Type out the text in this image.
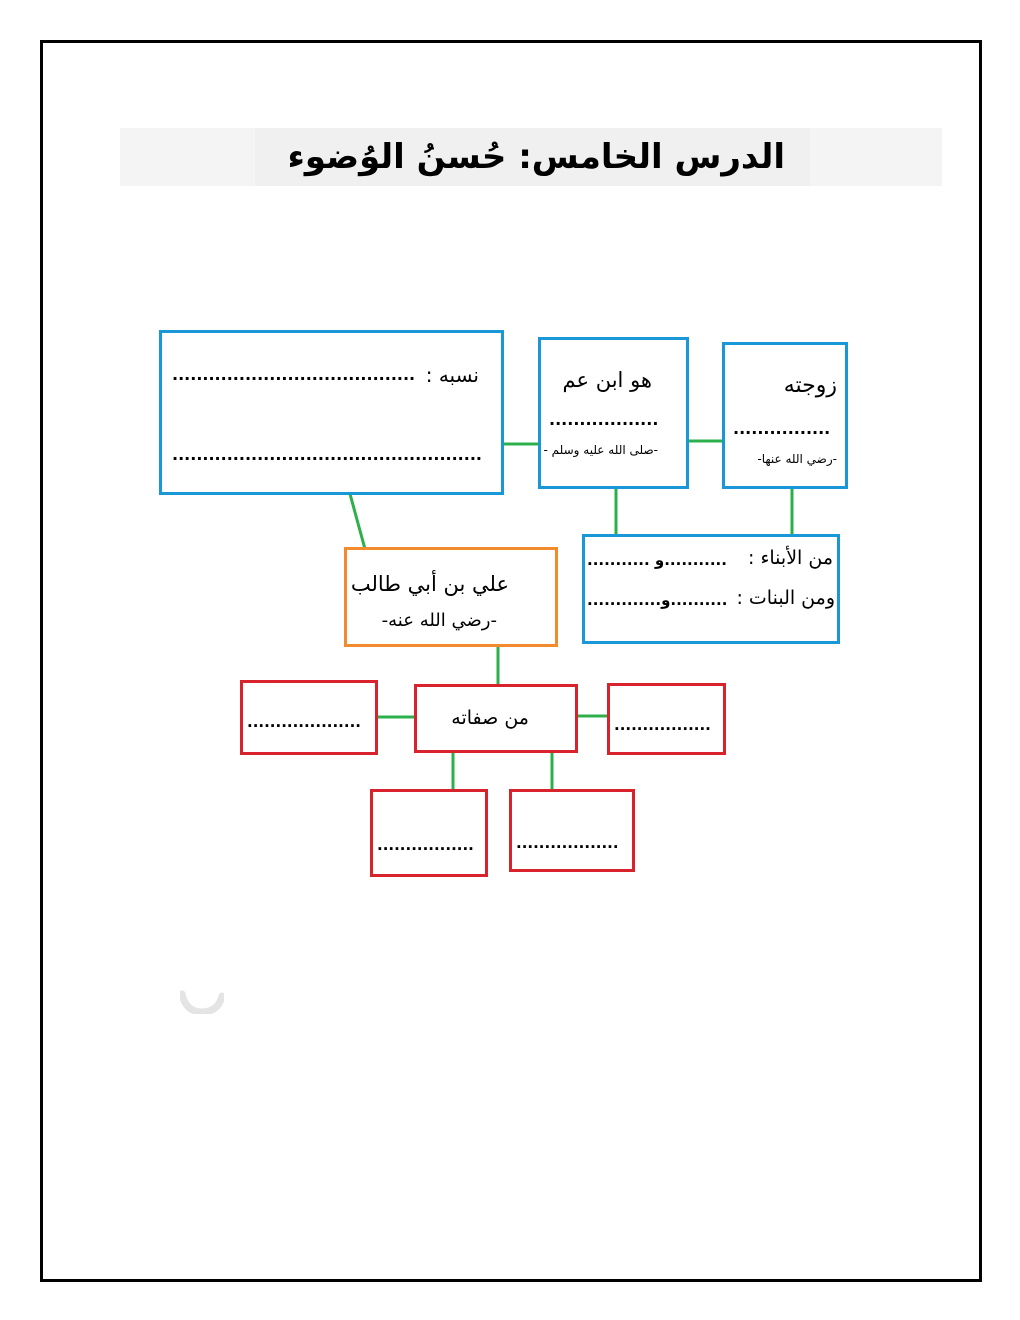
الدرس الخامس: حُسنُ الوُضوء
نسبه :
........................................
...................................................
هو ابن عم
..................
-صلى الله عليه وسلم -
زوجته
................
-رضي الله عنها-
من الأبناء :
........... و...........
ومن البنات :
.............و..........
علي بن أبي طالب
-رضي الله عنه-
من صفاته
....................	.................
.................	..................
